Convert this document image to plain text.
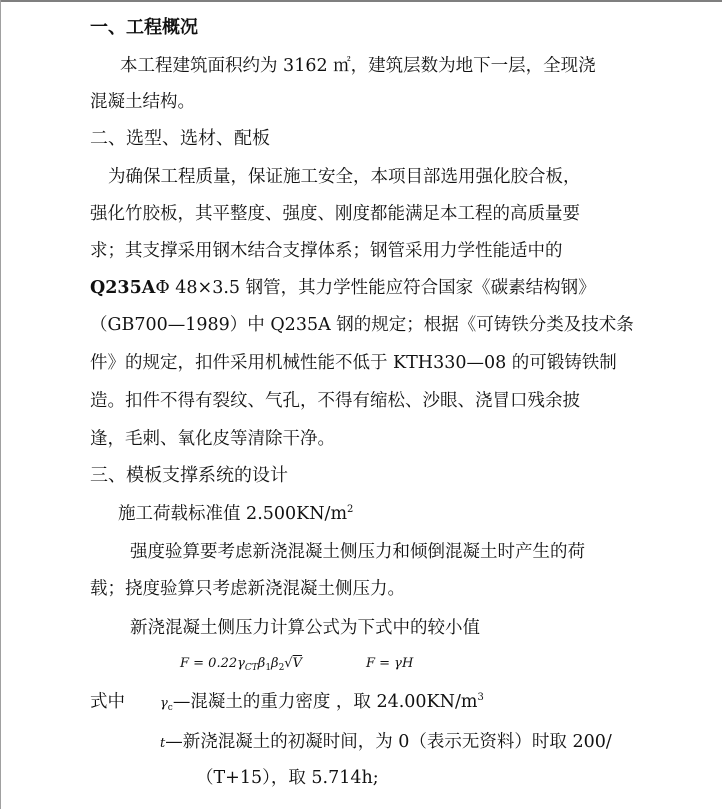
一、工程概况
本工程建筑面积约为 3162 ㎡，建筑层数为地下一层，全现浇
混凝土结构。
二、选型、选材、配板
为确保工程质量，保证施工安全，本项目部选用强化胶合板，
强化竹胶板，其平整度、强度、刚度都能满足本工程的高质量要
求；其支撑采用钢木结合支撑体系；钢管采用力学性能适中的
Q235AΦ 48×3.5 钢管，其力学性能应符合国家《碳素结构钢》
（GB700—1989）中 Q235A 钢的规定；根据《可铸铁分类及技术条
件》的规定，扣件采用机械性能不低于 KTH330—08 的可锻铸铁制
造。扣件不得有裂纹、气孔，不得有缩松、沙眼、浇冒口残余披
逢，毛刺、氧化皮等清除干净。
三、模板支撑系统的设计
施工荷载标准值 $2.500KN/m^2$
强度验算要考虑新浇混凝土侧压力和倾倒混凝土时产生的荷
载；挠度验算只考虑新浇混凝土侧压力。
新浇混凝土侧压力计算公式为下式中的较小值
$F = 0.22\gamma_{CT}\beta_1\beta_2√V$	F = γH
式中	$\gamma_c—$混凝土的重力密度 ，取 $24.00KN/m^3$
t—新浇混凝土的初凝时间，为 0（表示无资料）时取 200/
（T+15），取 5.714h;
